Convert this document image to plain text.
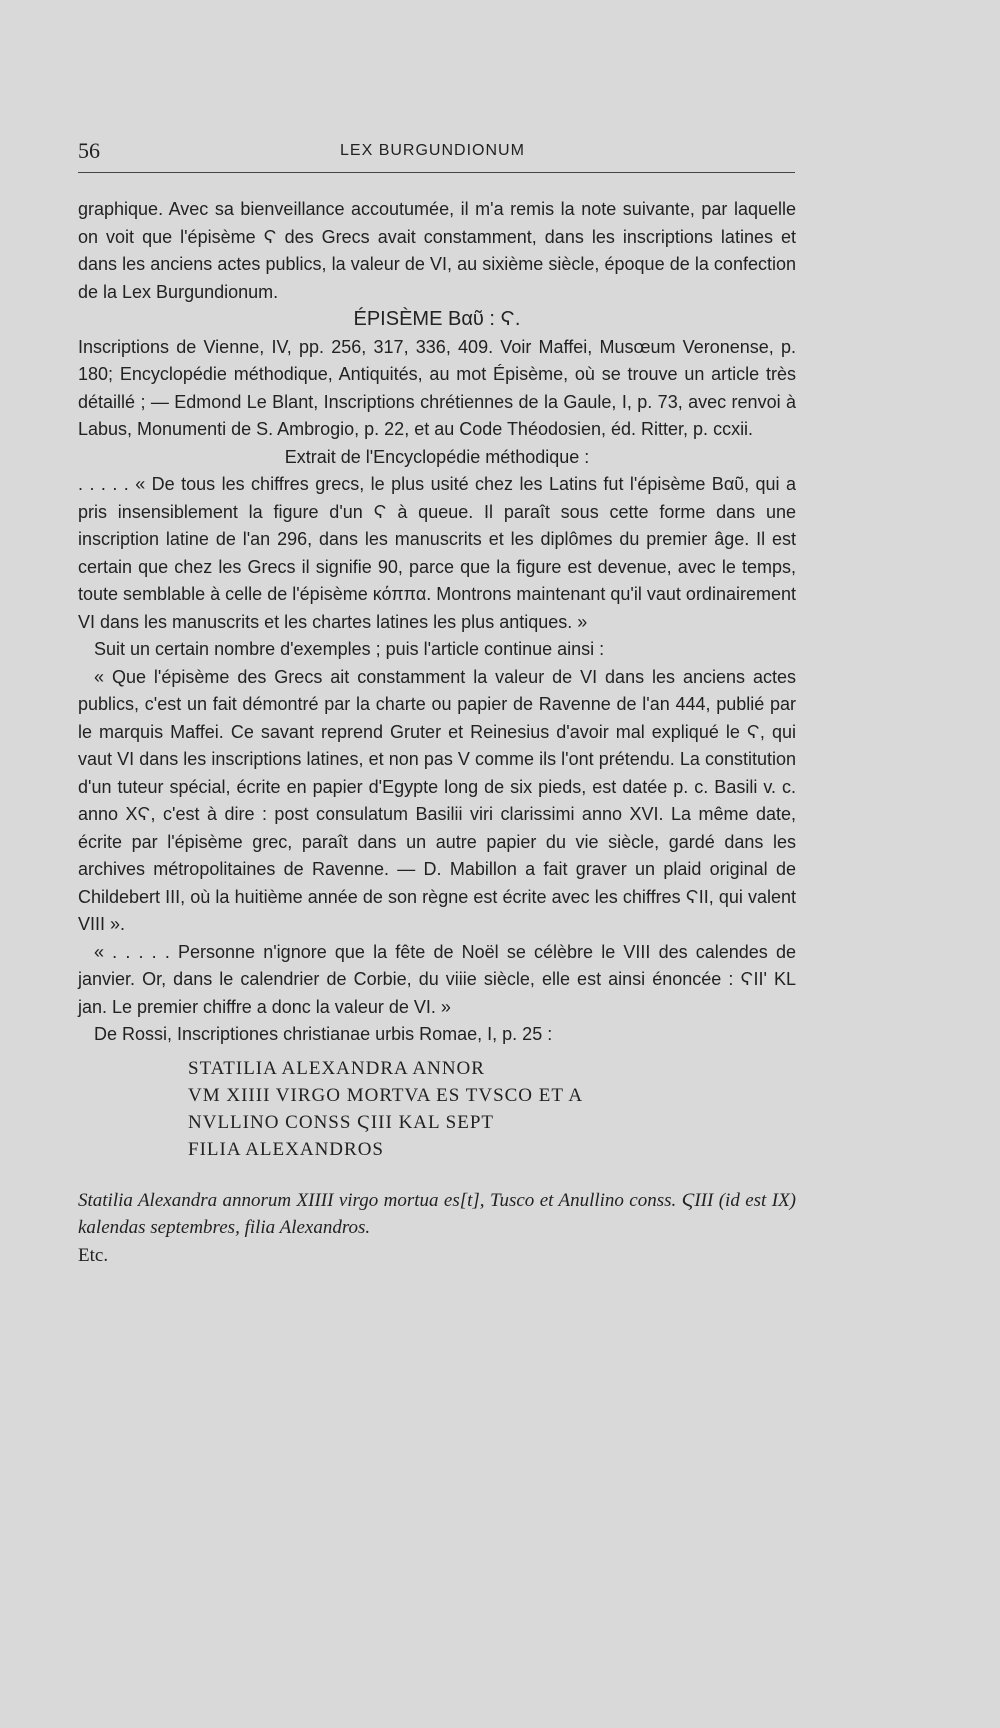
56	LEX BURGUNDIONUM

graphique. Avec sa bienveillance accoutumée, il m'a remis la note suivante, par laquelle on voit que l'épisème Ϛ des Grecs avait constamment, dans les inscriptions latines et dans les anciens actes publics, la valeur de VI, au sixième siècle, époque de la confection de la Lex Burgundionum.

ÉPISÈME Βαῦ : Ϛ.

Inscriptions de Vienne, IV, pp. 256, 317, 336, 409. Voir Maffei, Musœum Veronense, p. 180; Encyclopédie méthodique, Antiquités, au mot Épisème, où se trouve un article très détaillé ; — Edmond Le Blant, Inscriptions chrétiennes de la Gaule, I, p. 73, avec renvoi à Labus, Monumenti de S. Ambrogio, p. 22, et au Code Théodosien, éd. Ritter, p. ccxii.

Extrait de l'Encyclopédie méthodique :

. . . . . « De tous les chiffres grecs, le plus usité chez les Latins fut l'épisème Βαῦ, qui a pris insensiblement la figure d'un Ϛ à queue. Il paraît sous cette forme dans une inscription latine de l'an 296, dans les manuscrits et les diplômes du premier âge. Il est certain que chez les Grecs il signifie 90, parce que la figure est devenue, avec le temps, toute semblable à celle de l'épisème κόππα. Montrons maintenant qu'il vaut ordinairement VI dans les manuscrits et les chartes latines les plus antiques. »

Suit un certain nombre d'exemples ; puis l'article continue ainsi :

« Que l'épisème des Grecs ait constamment la valeur de VI dans les anciens actes publics, c'est un fait démontré par la charte ou papier de Ravenne de l'an 444, publié par le marquis Maffei. Ce savant reprend Gruter et Reinesius d'avoir mal expliqué le Ϛ, qui vaut VI dans les inscriptions latines, et non pas V comme ils l'ont prétendu. La constitution d'un tuteur spécial, écrite en papier d'Egypte long de six pieds, est datée p. c. Basili v. c. anno XϚ, c'est à dire : post consulatum Basilii viri clarissimi anno XVI. La même date, écrite par l'épisème grec, paraît dans un autre papier du vie siècle, gardé dans les archives métropolitaines de Ravenne. — D. Mabillon a fait graver un plaid original de Childebert III, où la huitième année de son règne est écrite avec les chiffres ϚII, qui valent VIII ».

« . . . . . Personne n'ignore que la fête de Noël se célèbre le VIII des calendes de janvier. Or, dans le calendrier de Corbie, du viiie siècle, elle est ainsi énoncée : ϚII' KL jan. Le premier chiffre a donc la valeur de VI. »

De Rossi, Inscriptiones christianae urbis Romae, I, p. 25 :

STATILIA ALEXANDRA ANNOR
VM XIIII VIRGO MORTVA ES TVSCO ET A
NVLLINO CONSS ϚIII KAL SEPT
FILIA ALEXANDROS

Statilia Alexandra annorum XIIII virgo mortua es[t], Tusco et Anullino conss. ϚIII (id est IX) kalendas septembres, filia Alexandros.

Etc.
